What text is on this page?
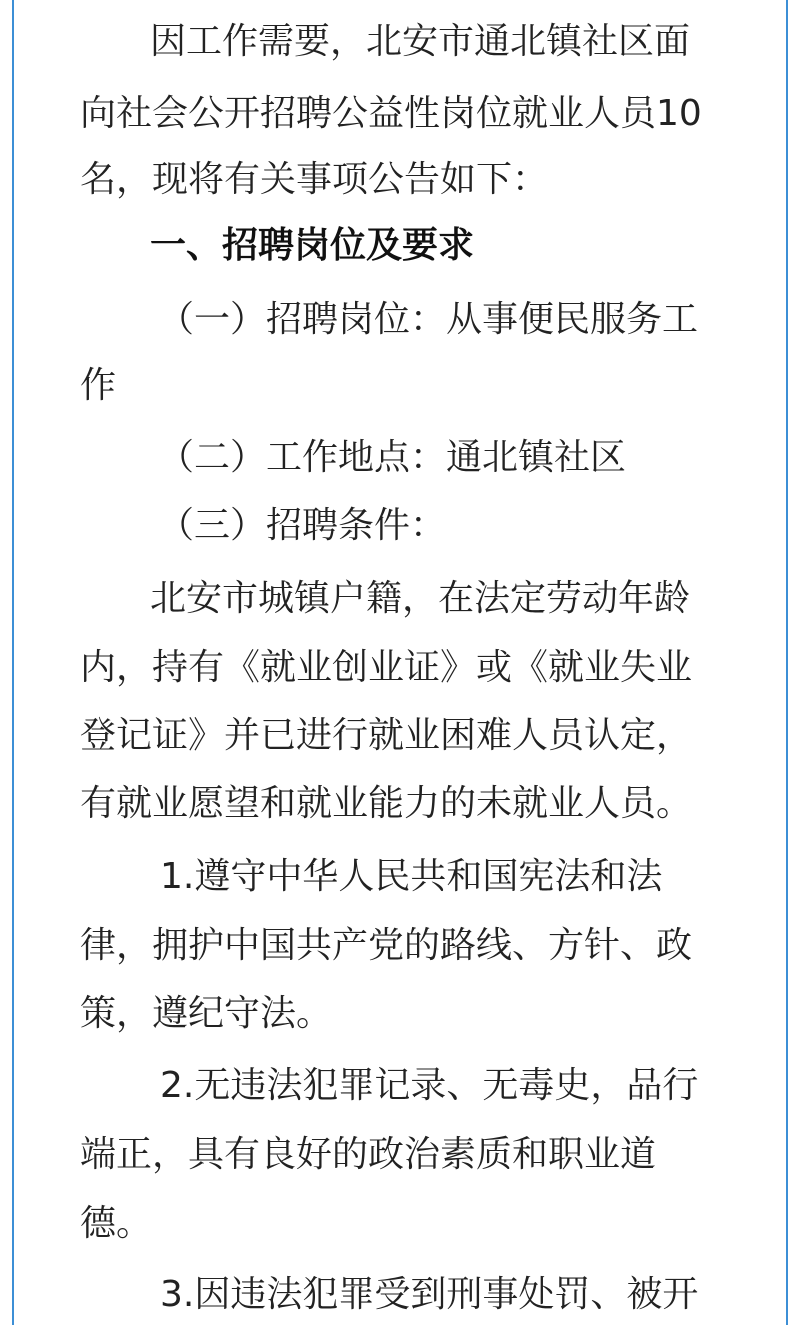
因工作需要，北安市通北镇社区面
向社会公开招聘公益性岗位就业人员10
名，现将有关事项公告如下：
一、招聘岗位及要求
（一）招聘岗位：从事便民服务工
作
（二）工作地点：通北镇社区
（三）招聘条件：
北安市城镇户籍，在法定劳动年龄
内，持有《就业创业证》或《就业失业
登记证》并已进行就业困难人员认定，
有就业愿望和就业能力的未就业人员。
1.遵守中华人民共和国宪法和法
律，拥护中国共产党的路线、方针、政
策，遵纪守法。
2.无违法犯罪记录、无毒史，品行
端正，具有良好的政治素质和职业道
德。
3.因违法犯罪受到刑事处罚、被开
